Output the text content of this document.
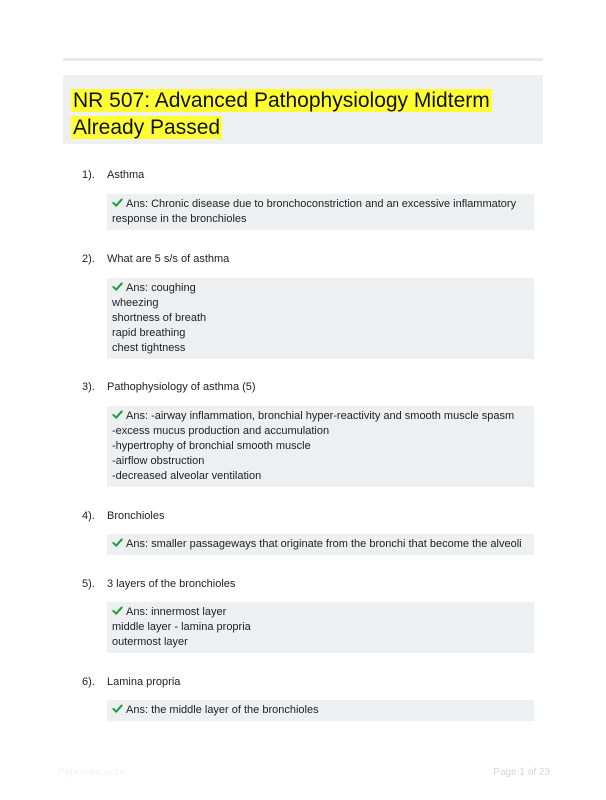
NR 507: Advanced Pathophysiology Midterm
Already Passed
1). Asthma
Ans: Chronic disease due to bronchoconstriction and an excessive inflammatory
response in the bronchioles
2). What are 5 s/s of asthma
Ans: coughing
wheezing
shortness of breath
rapid breathing
chest tightness
3). Pathophysiology of asthma (5)
Ans: -airway inflammation, bronchial hyper-reactivity and smooth muscle spasm
-excess mucus production and accumulation
-hypertrophy of bronchial smooth muscle
-airflow obstruction
-decreased alveolar ventilation
4). Bronchioles
Ans: smaller passageways that originate from the bronchi that become the alveoli
5). 3 layers of the bronchioles
Ans: innermost layer
middle layer - lamina propria
outermost layer
6). Lamina propria
Ans: the middle layer of the bronchioles
Paperblbc.com	Page 1 of 23
